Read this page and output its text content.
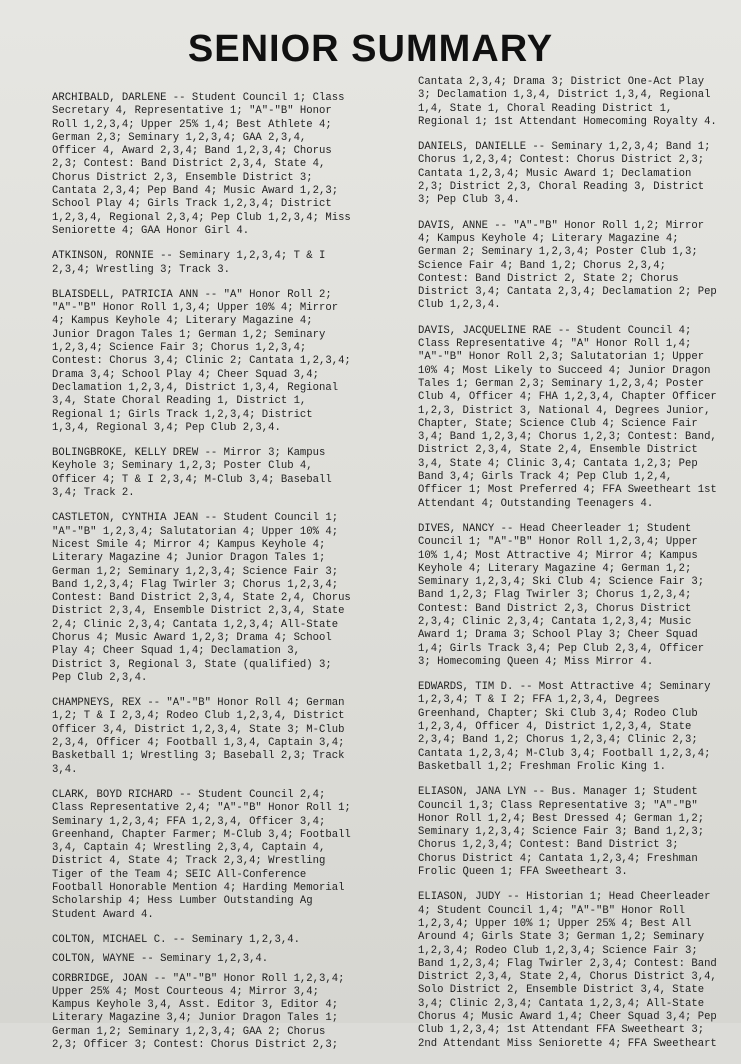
SENIOR SUMMARY

ARCHIBALD, DARLENE -- Student Council 1; Class Secretary 4, Representative 1; "A"-"B" Honor Roll 1,2,3,4; Upper 25% 1,4; Best Athlete 4; German 2,3; Seminary 1,2,3,4; GAA 2,3,4, Officer 4, Award 2,3,4; Band 1,2,3,4; Chorus 2,3; Contest: Band District 2,3,4, State 4, Chorus District 2,3, Ensemble District 3; Cantata 2,3,4; Pep Band 4; Music Award 1,2,3; School Play 4; Girls Track 1,2,3,4; District 1,2,3,4, Regional 2,3,4; Pep Club 1,2,3,4; Miss Seniorette 4; GAA Honor Girl 4.

ATKINSON, RONNIE -- Seminary 1,2,3,4; T & I 2,3,4; Wrestling 3; Track 3.

BLAISDELL, PATRICIA ANN -- "A" Honor Roll 2; "A"-"B" Honor Roll 1,3,4; Upper 10% 4; Mirror 4; Kampus Keyhole 4; Literary Magazine 4; Junior Dragon Tales 1; German 1,2; Seminary 1,2,3,4; Science Fair 3; Chorus 1,2,3,4; Contest: Chorus 3,4; Clinic 2; Cantata 1,2,3,4; Drama 3,4; School Play 4; Cheer Squad 3,4; Declamation 1,2,3,4, District 1,3,4, Regional 3,4, State Choral Reading 1, District 1, Regional 1; Girls Track 1,2,3,4; District 1,3,4, Regional 3,4; Pep Club 2,3,4.

BOLINGBROKE, KELLY DREW -- Mirror 3; Kampus Keyhole 3; Seminary 1,2,3; Poster Club 4, Officer 4; T & I 2,3,4; M-Club 3,4; Baseball 3,4; Track 2.

CASTLETON, CYNTHIA JEAN -- Student Council 1; "A"-"B" 1,2,3,4; Salutatorian 4; Upper 10% 4; Nicest Smile 4; Mirror 4; Kampus Keyhole 4; Literary Magazine 4; Junior Dragon Tales 1; German 1,2; Seminary 1,2,3,4; Science Fair 3; Band 1,2,3,4; Flag Twirler 3; Chorus 1,2,3,4; Contest: Band District 2,3,4, State 2,4, Chorus District 2,3,4, Ensemble District 2,3,4, State 2,4; Clinic 2,3,4; Cantata 1,2,3,4; All-State Chorus 4; Music Award 1,2,3; Drama 4; School Play 4; Cheer Squad 1,4; Declamation 3, District 3, Regional 3, State (qualified) 3; Pep Club 2,3,4.

CHAMPNEYS, REX -- "A"-"B" Honor Roll 4; German 1,2; T & I 2,3,4; Rodeo Club 1,2,3,4, District Officer 3,4, District 1,2,3,4, State 3; M-Club 2,3,4, Officer 4; Football 1,3,4, Captain 3,4; Basketball 1; Wrestling 3; Baseball 2,3; Track 3,4.

CLARK, BOYD RICHARD -- Student Council 2,4; Class Representative 2,4; "A"-"B" Honor Roll 1; Seminary 1,2,3,4; FFA 1,2,3,4, Officer 3,4; Greenhand, Chapter Farmer; M-Club 3,4; Football 3,4, Captain 4; Wrestling 2,3,4, Captain 4, District 4, State 4; Track 2,3,4; Wrestling Tiger of the Team 4; SEIC All-Conference Football Honorable Mention 4; Harding Memorial Scholarship 4; Hess Lumber Outstanding Ag Student Award 4.

COLTON, MICHAEL C. -- Seminary 1,2,3,4.

COLTON, WAYNE -- Seminary 1,2,3,4.

CORBRIDGE, JOAN -- "A"-"B" Honor Roll 1,2,3,4; Upper 25% 4; Most Courteous 4; Mirror 3,4; Kampus Keyhole 3,4, Asst. Editor 3, Editor 4; Literary Magazine 3,4; Junior Dragon Tales 1; German 1,2; Seminary 1,2,3,4; GAA 2; Chorus 2,3; Officer 3; Contest: Chorus District 2,3;

Cantata 2,3,4; Drama 3; District One-Act Play 3; Declamation 1,3,4, District 1,3,4, Regional 1,4, State 1, Choral Reading District 1, Regional 1; 1st Attendant Homecoming Royalty 4.

DANIELS, DANIELLE -- Seminary 1,2,3,4; Band 1; Chorus 1,2,3,4; Contest: Chorus District 2,3; Cantata 1,2,3,4; Music Award 1; Declamation 2,3; District 2,3, Choral Reading 3, District 3; Pep Club 3,4.

DAVIS, ANNE -- "A"-"B" Honor Roll 1,2; Mirror 4; Kampus Keyhole 4; Literary Magazine 4; German 2; Seminary 1,2,3,4; Poster Club 1,3; Science Fair 4; Band 1,2; Chorus 2,3,4; Contest: Band District 2, State 2; Chorus District 3,4; Cantata 2,3,4; Declamation 2; Pep Club 1,2,3,4.

DAVIS, JACQUELINE RAE -- Student Council 4; Class Representative 4; "A" Honor Roll 1,4; "A"-"B" Honor Roll 2,3; Salutatorian 1; Upper 10% 4; Most Likely to Succeed 4; Junior Dragon Tales 1; German 2,3; Seminary 1,2,3,4; Poster Club 4, Officer 4; FHA 1,2,3,4, Chapter Officer 1,2,3, District 3, National 4, Degrees Junior, Chapter, State; Science Club 4; Science Fair 3,4; Band 1,2,3,4; Chorus 1,2,3; Contest: Band, District 2,3,4, State 2,4, Ensemble District 3,4, State 4; Clinic 3,4; Cantata 1,2,3; Pep Band 3,4; Girls Track 4; Pep Club 1,2,4, Officer 1; Most Preferred 4; FFA Sweetheart 1st Attendant 4; Outstanding Teenagers 4.

DIVES, NANCY -- Head Cheerleader 1; Student Council 1; "A"-"B" Honor Roll 1,2,3,4; Upper 10% 1,4; Most Attractive 4; Mirror 4; Kampus Keyhole 4; Literary Magazine 4; German 1,2; Seminary 1,2,3,4; Ski Club 4; Science Fair 3; Band 1,2,3; Flag Twirler 3; Chorus 1,2,3,4; Contest: Band District 2,3, Chorus District 2,3,4; Clinic 2,3,4; Cantata 1,2,3,4; Music Award 1; Drama 3; School Play 3; Cheer Squad 1,4; Girls Track 3,4; Pep Club 2,3,4, Officer 3; Homecoming Queen 4; Miss Mirror 4.

EDWARDS, TIM D. -- Most Attractive 4; Seminary 1,2,3,4; T & I 2; FFA 1,2,3,4, Degrees Greenhand, Chapter; Ski Club 3,4; Rodeo Club 1,2,3,4, Officer 4, District 1,2,3,4, State 2,3,4; Band 1,2; Chorus 1,2,3,4; Clinic 2,3; Cantata 1,2,3,4; M-Club 3,4; Football 1,2,3,4; Basketball 1,2; Freshman Frolic King 1.

ELIASON, JANA LYN -- Bus. Manager 1; Student Council 1,3; Class Representative 3; "A"-"B" Honor Roll 1,2,4; Best Dressed 4; German 1,2; Seminary 1,2,3,4; Science Fair 3; Band 1,2,3; Chorus 1,2,3,4; Contest: Band District 3; Chorus District 4; Cantata 1,2,3,4; Freshman Frolic Queen 1; FFA Sweetheart 3.

ELIASON, JUDY -- Historian 1; Head Cheerleader 4; Student Council 1,4; "A"-"B" Honor Roll 1,2,3,4; Upper 10% 1; Upper 25% 4; Best All Around 4; Girls State 3; German 1,2; Seminary 1,2,3,4; Rodeo Club 1,2,3,4; Science Fair 3; Band 1,2,3,4; Flag Twirler 2,3,4; Contest: Band District 2,3,4, State 2,4, Chorus District 3,4, Solo District 2, Ensemble District 3,4, State 3,4; Clinic 2,3,4; Cantata 1,2,3,4; All-State Chorus 4; Music Award 1,4; Cheer Squad 3,4; Pep Club 1,2,3,4; 1st Attendant FFA Sweetheart 3; 2nd Attendant Miss Seniorette 4; FFA Sweetheart
